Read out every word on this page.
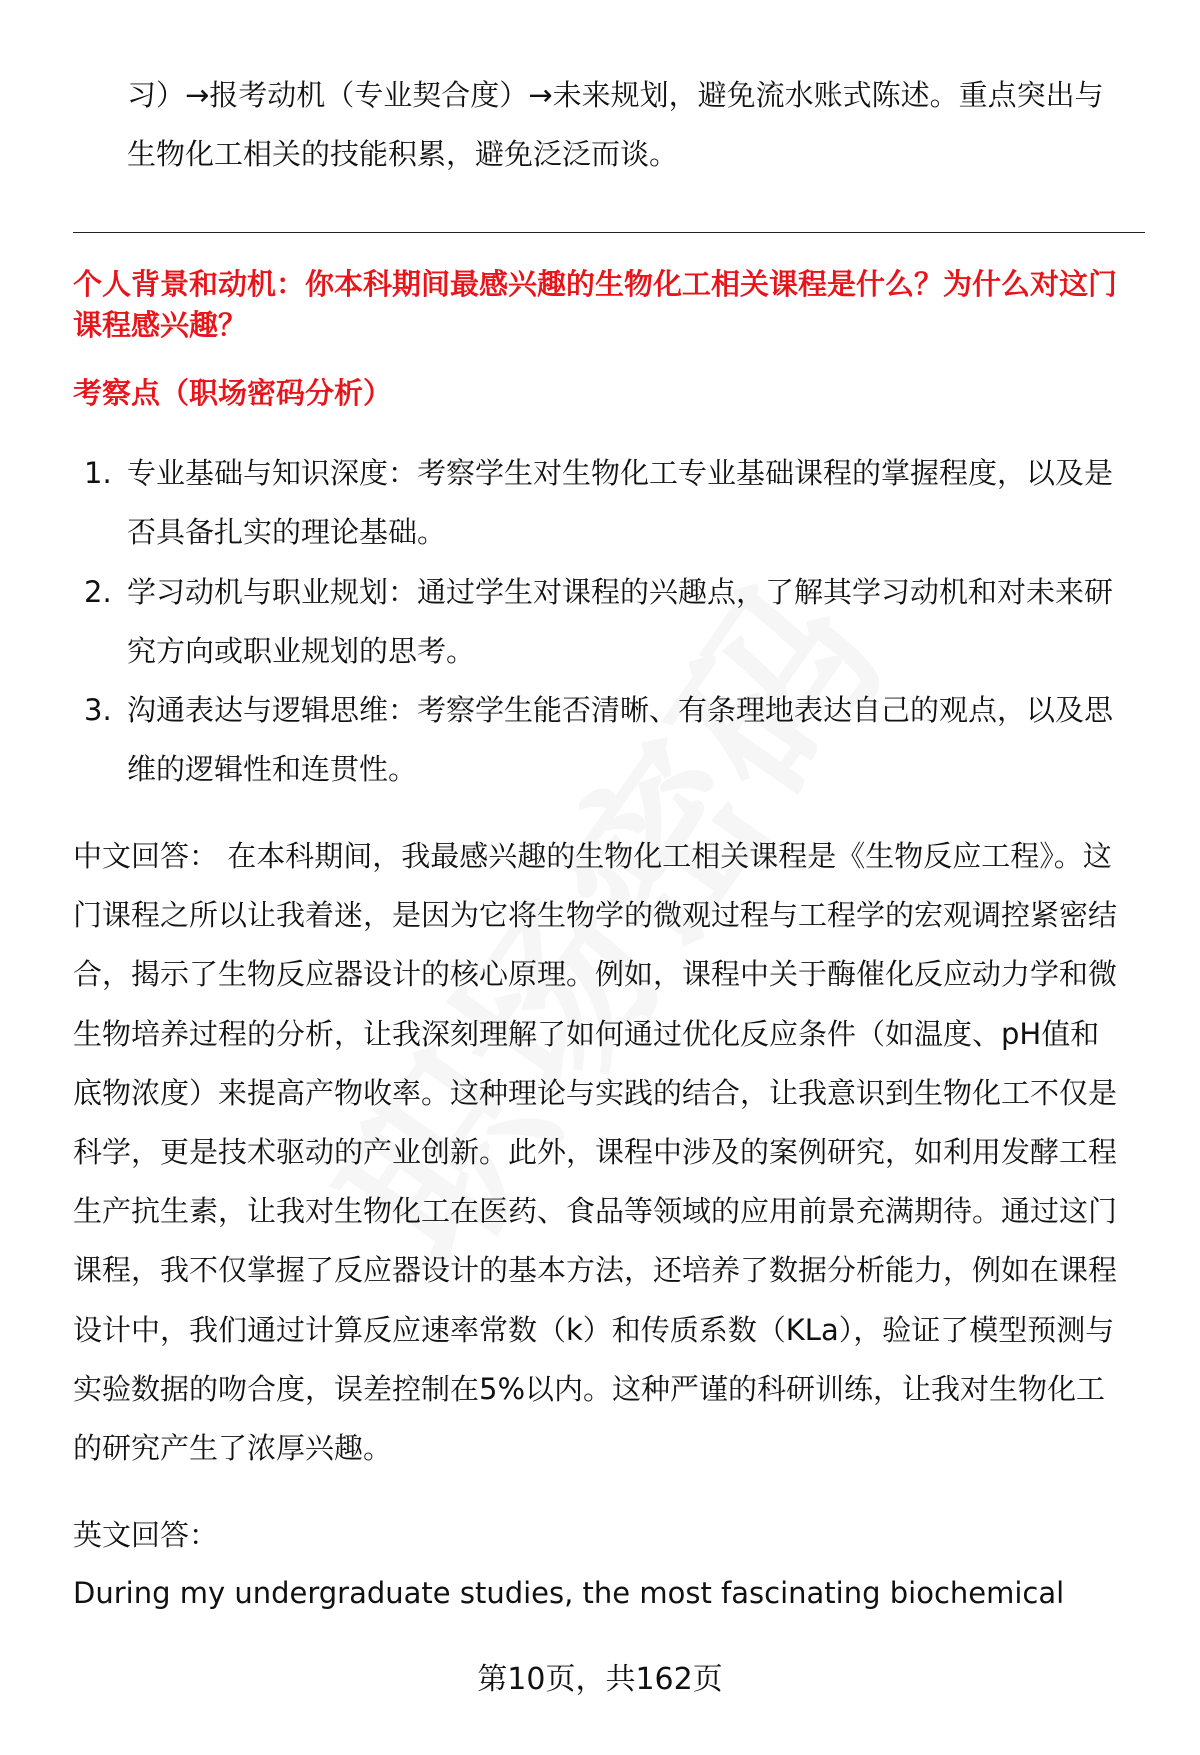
习）→报考动机（专业契合度）→未来规划，避免流水账式陈述。重点突出与
生物化工相关的技能积累，避免泛泛而谈。
个人背景和动机：你本科期间最感兴趣的生物化工相关课程是什么？为什么对这门
课程感兴趣？
考察点（职场密码分析）
1. 专业基础与知识深度：考察学生对生物化工专业基础课程的掌握程度，以及是
否具备扎实的理论基础。
2. 学习动机与职业规划：通过学生对课程的兴趣点，了解其学习动机和对未来研
究方向或职业规划的思考。
3. 沟通表达与逻辑思维：考察学生能否清晰、有条理地表达自己的观点，以及思
维的逻辑性和连贯性。
中文回答： 在本科期间，我最感兴趣的生物化工相关课程是《生物反应工程》。这
门课程之所以让我着迷，是因为它将生物学的微观过程与工程学的宏观调控紧密结
合，揭示了生物反应器设计的核心原理。例如，课程中关于酶催化反应动力学和微
生物培养过程的分析，让我深刻理解了如何通过优化反应条件（如温度、pH值和
底物浓度）来提高产物收率。这种理论与实践的结合，让我意识到生物化工不仅是
科学，更是技术驱动的产业创新。此外，课程中涉及的案例研究，如利用发酵工程
生产抗生素，让我对生物化工在医药、食品等领域的应用前景充满期待。通过这门
课程，我不仅掌握了反应器设计的基本方法，还培养了数据分析能力，例如在课程
设计中，我们通过计算反应速率常数（k）和传质系数（KLa），验证了模型预测与
实验数据的吻合度，误差控制在5%以内。这种严谨的科研训练，让我对生物化工
的研究产生了浓厚兴趣。
英文回答：
During my undergraduate studies, the most fascinating biochemical
第10页，共162页
